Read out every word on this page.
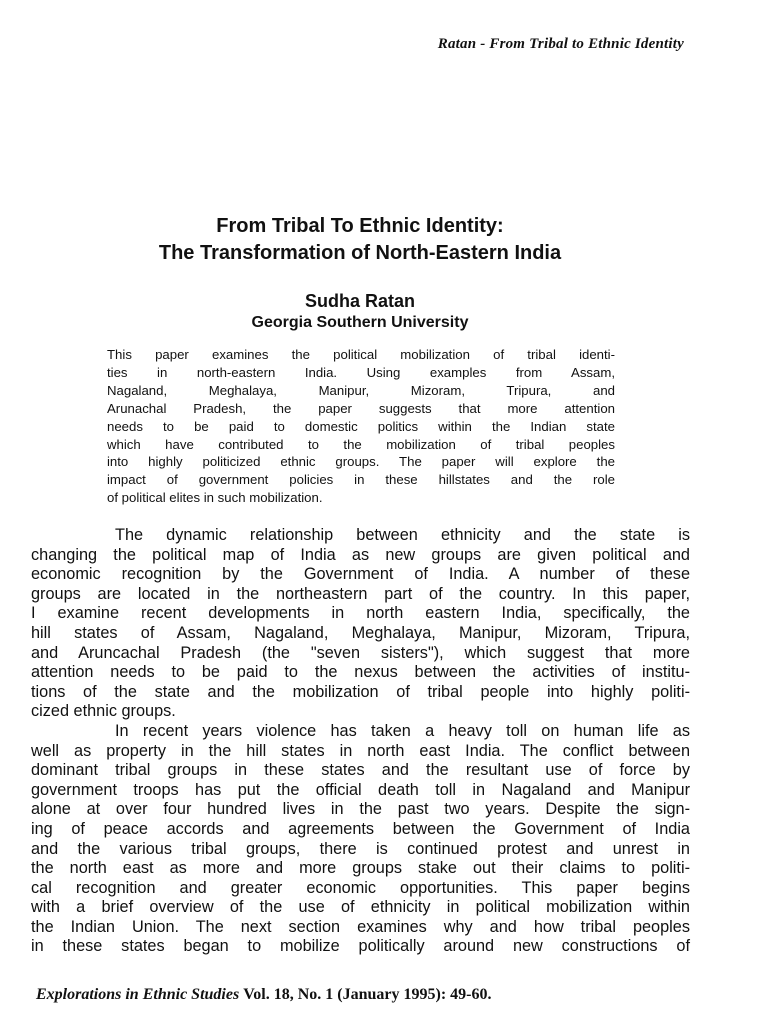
Ratan - From Tribal to Ethnic Identity
From Tribal To Ethnic Identity:
The Transformation of North-Eastern India
Sudha Ratan
Georgia Southern University
This paper examines the political mobilization of tribal identi-
ties in north-eastern India. Using examples from Assam,
Nagaland, Meghalaya, Manipur, Mizoram, Tripura, and
Arunachal Pradesh, the paper suggests that more attention
needs to be paid to domestic politics within the Indian state
which have contributed to the mobilization of tribal peoples
into highly politicized ethnic groups. The paper will explore the
impact of government policies in these hillstates and the role
of political elites in such mobilization.
The dynamic relationship between ethnicity and the state is
changing the political map of India as new groups are given political and
economic recognition by the Government of India. A number of these
groups are located in the northeastern part of the country. In this paper,
I examine recent developments in north eastern India, specifically, the
hill states of Assam, Nagaland, Meghalaya, Manipur, Mizoram, Tripura,
and Aruncachal Pradesh (the "seven sisters"), which suggest that more
attention needs to be paid to the nexus between the activities of institu-
tions of the state and the mobilization of tribal people into highly politi-
cized ethnic groups.
In recent years violence has taken a heavy toll on human life as
well as property in the hill states in north east India. The conflict between
dominant tribal groups in these states and the resultant use of force by
government troops has put the official death toll in Nagaland and Manipur
alone at over four hundred lives in the past two years. Despite the sign-
ing of peace accords and agreements between the Government of India
and the various tribal groups, there is continued protest and unrest in
the north east as more and more groups stake out their claims to politi-
cal recognition and greater economic opportunities. This paper begins
with a brief overview of the use of ethnicity in political mobilization within
the Indian Union. The next section examines why and how tribal peoples
in these states began to mobilize politically around new constructions of
Explorations in Ethnic Studies Vol. 18, No. 1 (January 1995): 49-60.
